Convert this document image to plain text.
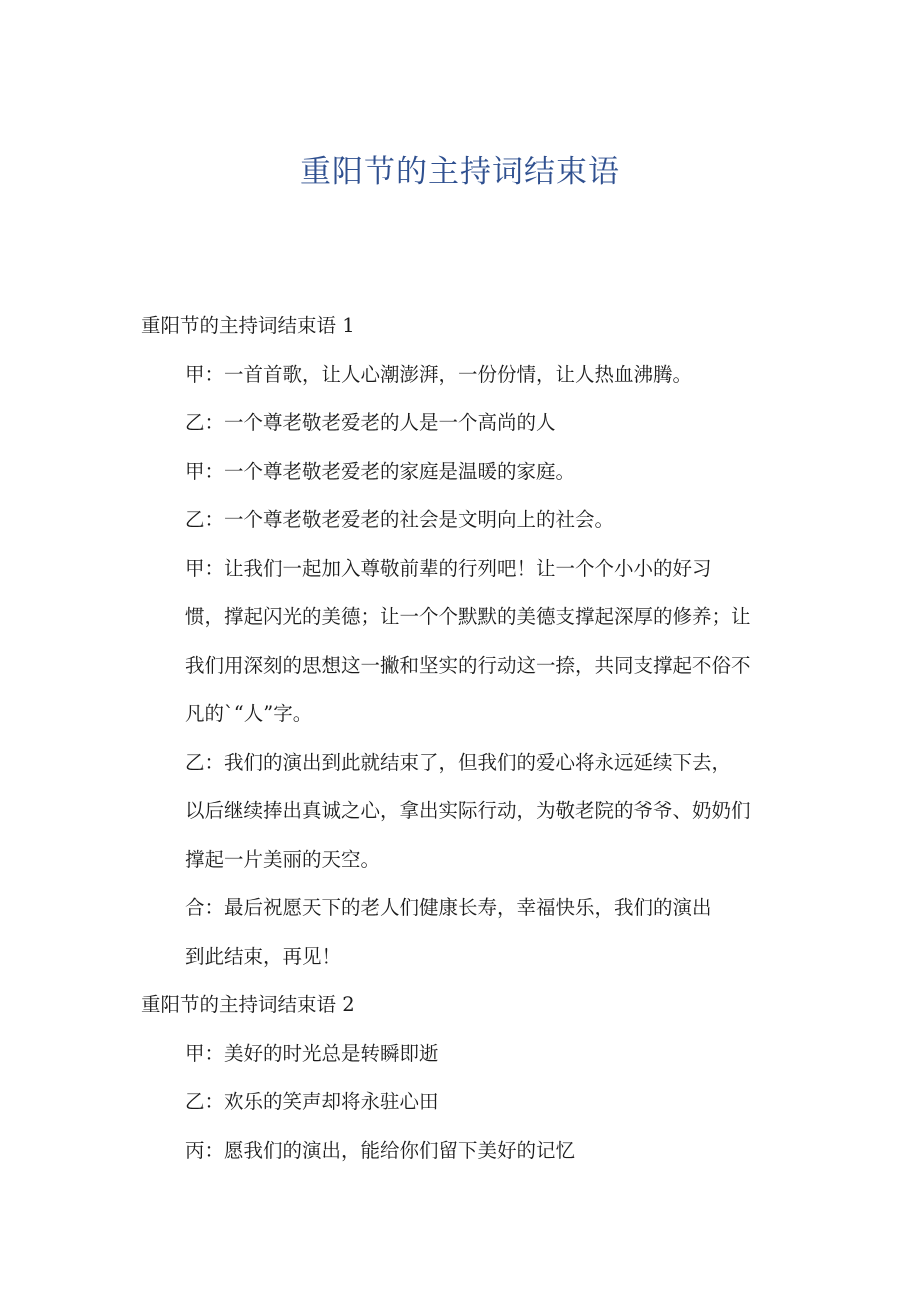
重阳节的主持词结束语

重阳节的主持词结束语 1

甲：一首首歌，让人心潮澎湃，一份份情，让人热血沸腾。

乙：一个尊老敬老爱老的人是一个高尚的人

甲：一个尊老敬老爱老的家庭是温暖的家庭。

乙：一个尊老敬老爱老的社会是文明向上的社会。

甲：让我们一起加入尊敬前辈的行列吧！让一个个小小的好习
惯，撑起闪光的美德；让一个个默默的美德支撑起深厚的修养；让
我们用深刻的思想这一撇和坚实的行动这一捺，共同支撑起不俗不
凡的`“人”字。

乙：我们的演出到此就结束了，但我们的爱心将永远延续下去，
以后继续捧出真诚之心，拿出实际行动，为敬老院的爷爷、奶奶们
撑起一片美丽的天空。

合：最后祝愿天下的老人们健康长寿，幸福快乐，我们的演出
到此结束，再见！

重阳节的主持词结束语 2

甲：美好的时光总是转瞬即逝

乙：欢乐的笑声却将永驻心田

丙：愿我们的演出，能给你们留下美好的记忆
